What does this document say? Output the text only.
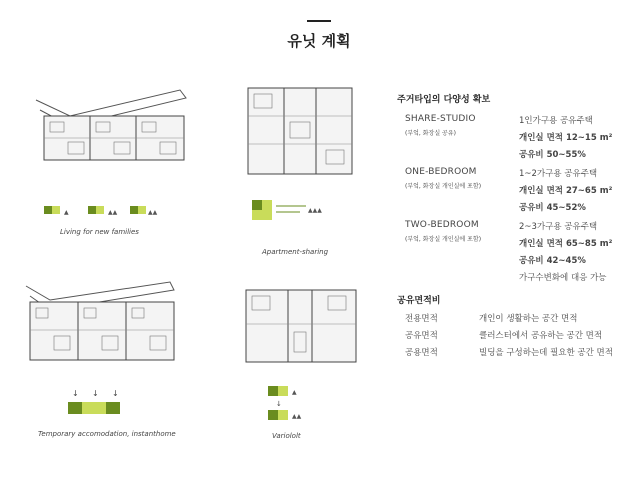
유닛 계획
▲	▲▲	▲▲
Living for new families
▲▲▲
Apartment-sharing
↓ ↓ ↓
Temporary accomodation, instanthome
▲
↓
▲▲
Variololt
주거타입의 다양성 확보
SHARE-STUDIO
(부엌, 화장실 공유)
1인가구용 공유주택
개인실 면적 12~15 m²
공유비 50~55%
ONE-BEDROOM
(부엌, 화장실 개인실에 포함)
1~2가구용 공유주택
개인실 면적 27~65 m²
공유비 45~52%
TWO-BEDROOM
(부엌, 화장실 개인실에 포함)
2~3가구용 공유주택
개인실 면적 65~85 m²
공유비 42~45%
가구수변화에 대응 가능
공유면적비
전용면적	개인이 생활하는 공간 면적
공유면적	클러스터에서 공유하는 공간 면적
공용면적	빌딩을 구성하는데 필요한 공간 면적
